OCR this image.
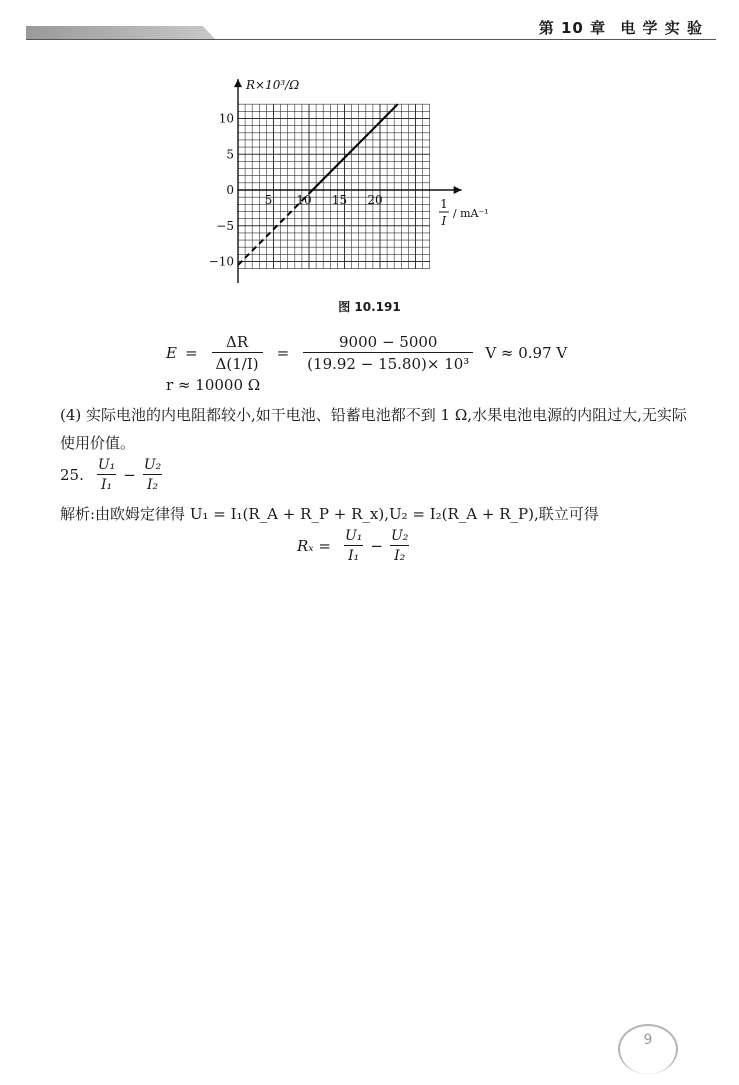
第 10 章 电 学 实 验
5 10 15 20
10
5
0
−5
−10
R×10³/Ω
1
I
/ mA⁻¹
图 10.191
$E = \frac{\Delta R}{\Delta(1/I)} = \frac{9000 - 5000}{\text{(19.92 − 15.80)× 10³}}$ V ≈ 0.97 V
r ≈ 10000 Ω
(4) 实际电池的内电阻都较小,如干电池、铅蓄电池都不到 1 Ω,水果电池电源的内阻过大,无实际使用价值。
25. $\frac{\text{U₁}}{\text{I₁}} - \frac{\text{U₂}}{\text{I₂}}$
解析:由欧姆定律得 U₁ = I₁(R_A + R_P + R_x),U₂ = I₂(R_A + R_P),联立可得
$R_x = \frac{\text{U₁}}{\text{I₁}} - \frac{\text{U₂}}{\text{I₂}}$
9
